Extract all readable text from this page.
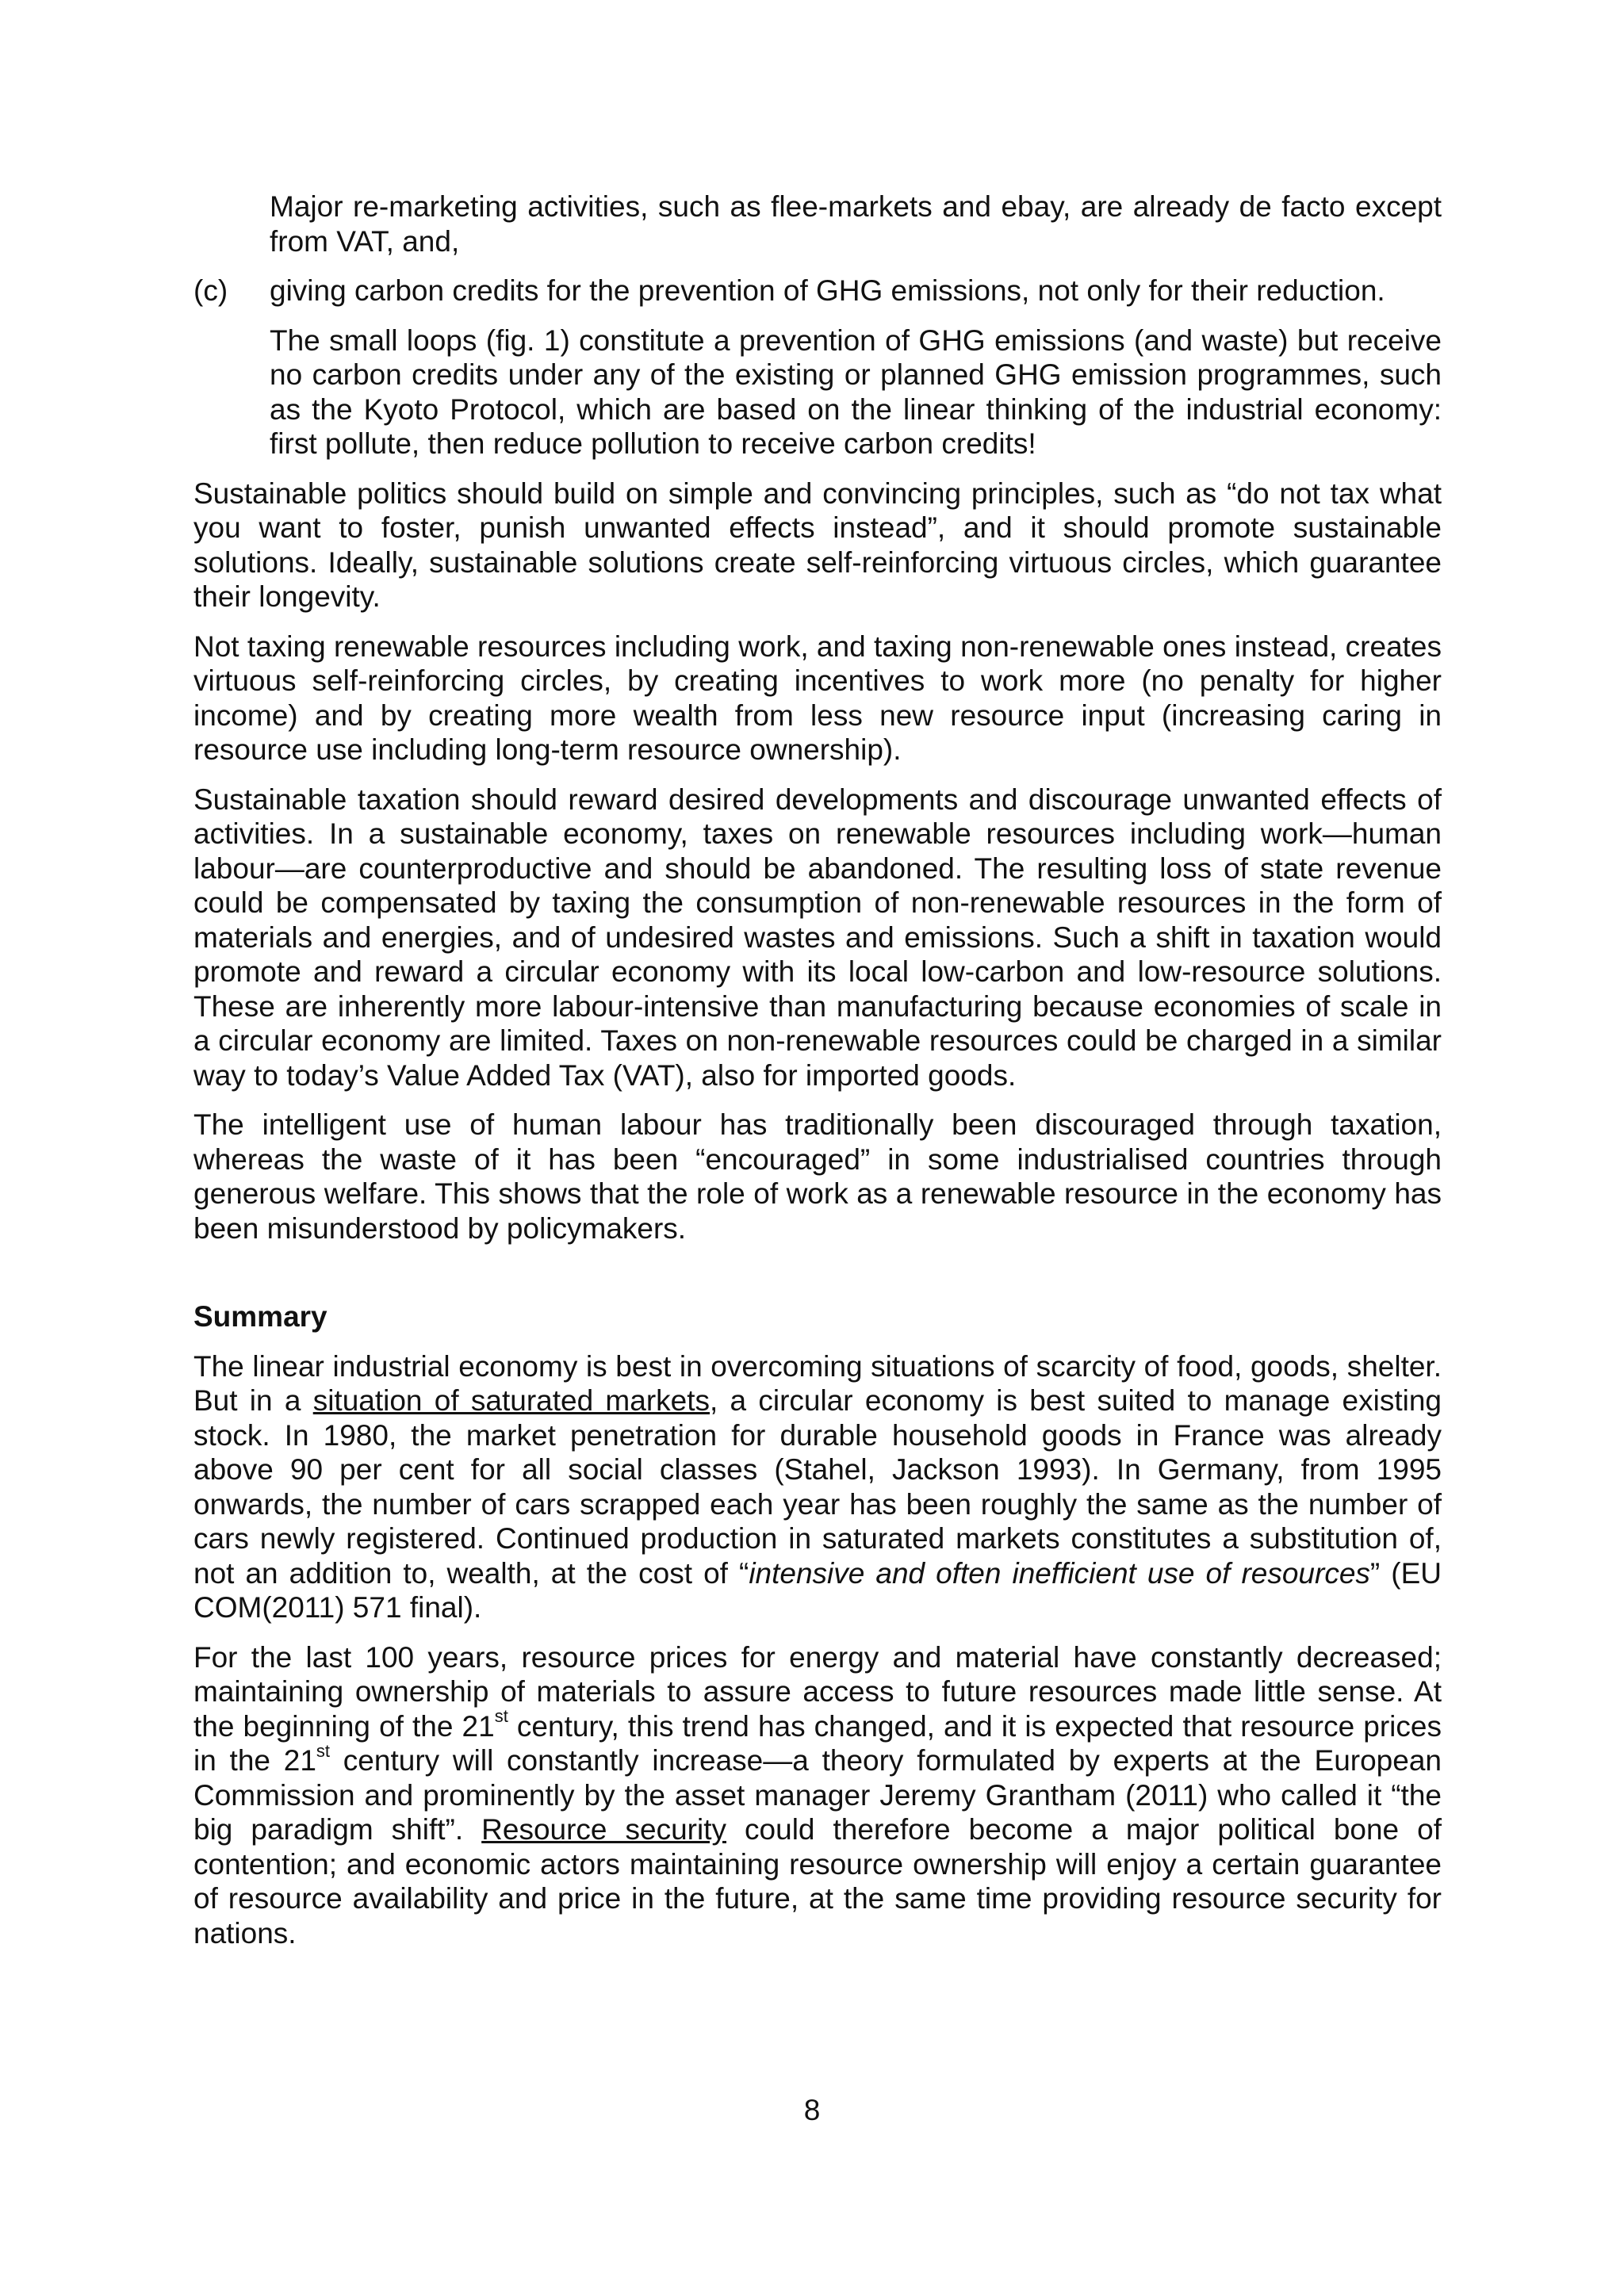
Major re-marketing activities, such as flee-markets and ebay, are already de facto except from VAT, and,

(c) giving carbon credits for the prevention of GHG emissions, not only for their reduction.

The small loops (fig. 1) constitute a prevention of GHG emissions (and waste) but receive no carbon credits under any of the existing or planned GHG emission programmes, such as the Kyoto Protocol, which are based on the linear thinking of the industrial economy: first pollute, then reduce pollution to receive carbon credits!

Sustainable politics should build on simple and convincing principles, such as “do not tax what you want to foster, punish unwanted effects instead”, and it should promote sustainable solutions. Ideally, sustainable solutions create self-reinforcing virtuous circles, which guarantee their longevity.

Not taxing renewable resources including work, and taxing non-renewable ones instead, creates virtuous self-reinforcing circles, by creating incentives to work more (no penalty for higher income) and by creating more wealth from less new resource input (increasing caring in resource use including long-term resource ownership).

Sustainable taxation should reward desired developments and discourage unwanted effects of activities. In a sustainable economy, taxes on renewable resources including work—human labour—are counterproductive and should be abandoned. The resulting loss of state revenue could be compensated by taxing the consumption of non-renewable resources in the form of materials and energies, and of undesired wastes and emissions. Such a shift in taxation would promote and reward a circular economy with its local low-carbon and low-resource solutions. These are inherently more labour-intensive than manufacturing because economies of scale in a circular economy are limited. Taxes on non-renewable resources could be charged in a similar way to today’s Value Added Tax (VAT), also for imported goods.

The intelligent use of human labour has traditionally been discouraged through taxation, whereas the waste of it has been “encouraged” in some industrialised countries through generous welfare. This shows that the role of work as a renewable resource in the economy has been misunderstood by policymakers.

Summary

The linear industrial economy is best in overcoming situations of scarcity of food, goods, shelter. But in a situation of saturated markets, a circular economy is best suited to manage existing stock. In 1980, the market penetration for durable household goods in France was already above 90 per cent for all social classes (Stahel, Jackson 1993). In Germany, from 1995 onwards, the number of cars scrapped each year has been roughly the same as the number of cars newly registered. Continued production in saturated markets constitutes a substitution of, not an addition to, wealth, at the cost of “intensive and often inefficient use of resources” (EU COM(2011) 571 final).

For the last 100 years, resource prices for energy and material have constantly decreased; maintaining ownership of materials to assure access to future resources made little sense. At the beginning of the 21st century, this trend has changed, and it is expected that resource prices in the 21st century will constantly increase—a theory formulated by experts at the European Commission and prominently by the asset manager Jeremy Grantham (2011) who called it “the big paradigm shift”. Resource security could therefore become a major political bone of contention; and economic actors maintaining resource ownership will enjoy a certain guarantee of resource availability and price in the future, at the same time providing resource security for nations.

8
